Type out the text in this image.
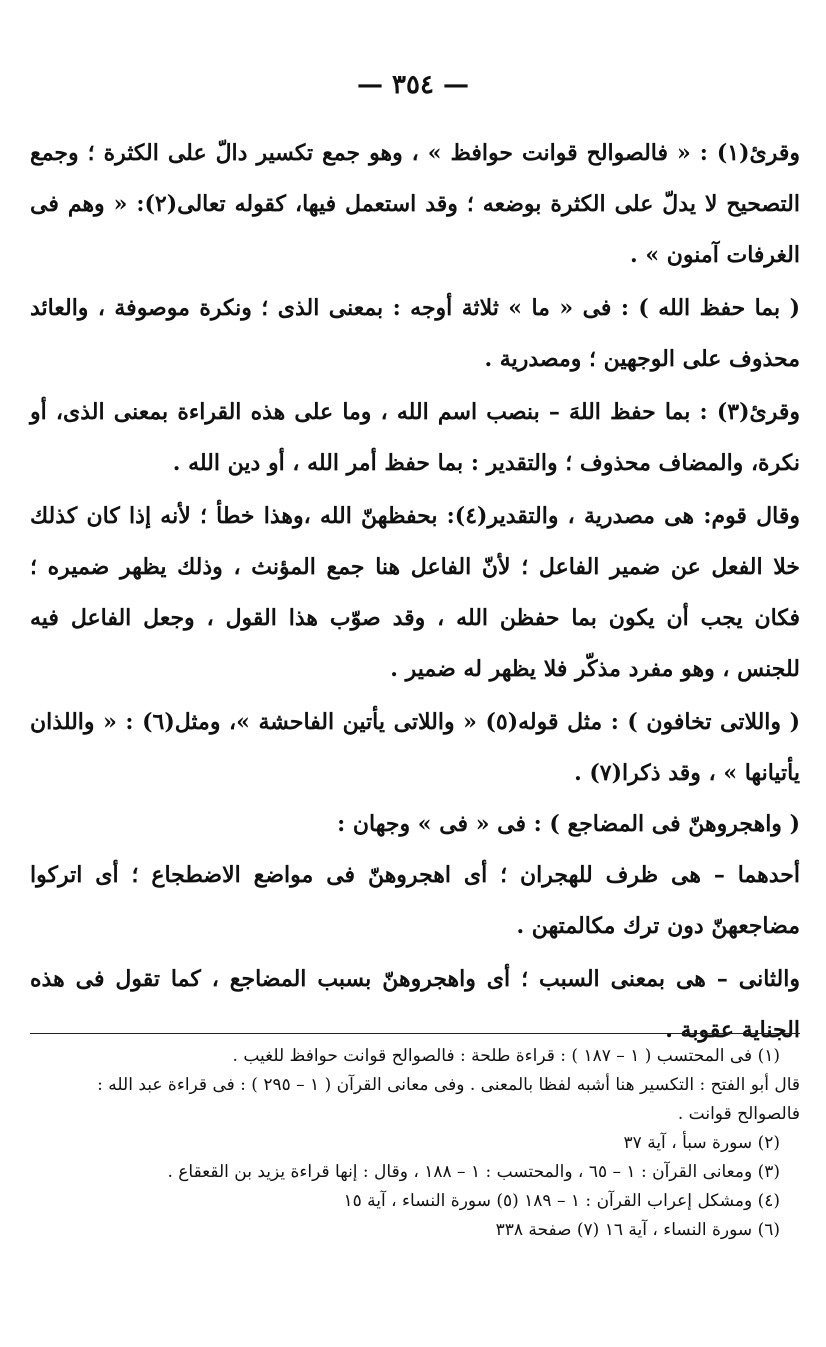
— ٣٥٤ —

وقرئ(١) : « فالصوالح قوانت حوافظ » ، وهو جمع تكسير دالّ على الكثرة ؛ وجمع التصحيح لا يدلّ على الكثرة بوضعه ؛ وقد استعمل فيها، كقوله تعالى(٢): « وهم فى الغرفات آمنون » .

( بما حفظ الله ) : فى « ما » ثلاثة أوجه : بمعنى الذى ؛ ونكرة موصوفة ، والعائد محذوف على الوجهين ؛ ومصدرية .

وقرئ(٣) : بما حفظ اللهَ – بنصب اسم الله ، وما على هذه القراءة بمعنى الذى، أو نكرة، والمضاف محذوف ؛ والتقدير : بما حفظ أمر الله ، أو دين الله .

وقال قوم: هى مصدرية ، والتقدير(٤): بحفظهنّ الله ،وهذا خطأ ؛ لأنه إذا كان كذلك خلا الفعل عن ضمير الفاعل ؛ لأنّ الفاعل هنا جمع المؤنث ، وذلك يظهر ضميره ؛ فكان يجب أن يكون بما حفظن الله ، وقد صوّب هذا القول ، وجعل الفاعل فيه للجنس ، وهو مفرد مذكّر فلا يظهر له ضمير .

( واللاتى تخافون ) : مثل قوله(٥) « واللاتى يأتين الفاحشة »، ومثل(٦) : « واللذان يأتيانها » ، وقد ذكرا(٧) .

( واهجروهنّ فى المضاجع ) : فى « فى » وجهان :

أحدهما – هى ظرف للهجران ؛ أى اهجروهنّ فى مواضع الاضطجاع ؛ أى اتركوا مضاجعهنّ دون ترك مكالمتهن .

والثانى – هى بمعنى السبب ؛ أى واهجروهنّ بسبب المضاجع ، كما تقول فى هذه الجناية عقوبة .

(١) فى المحتسب ( ١ – ١٨٧ ) : قراءة طلحة : فالصوالح قوانت حوافظ للغيب .

قال أبو الفتح : التكسير هنا أشبه لفظا بالمعنى . وفى معانى القرآن ( ١ – ٢٩٥ ) : فى قراءة عبد الله : فالصوالح قوانت .

(٢) سورة سبأ ، آية ٣٧

(٣) ومعانى القرآن : ١ – ٦٥ ، والمحتسب : ١ – ١٨٨ ، وقال : إنها قراءة يزيد بن القعقاع .

(٤) ومشكل إعراب القرآن : ١ – ١٨٩ (٥) سورة النساء ، آية ١٥

(٦) سورة النساء ، آية ١٦ (٧) صفحة ٣٣٨
